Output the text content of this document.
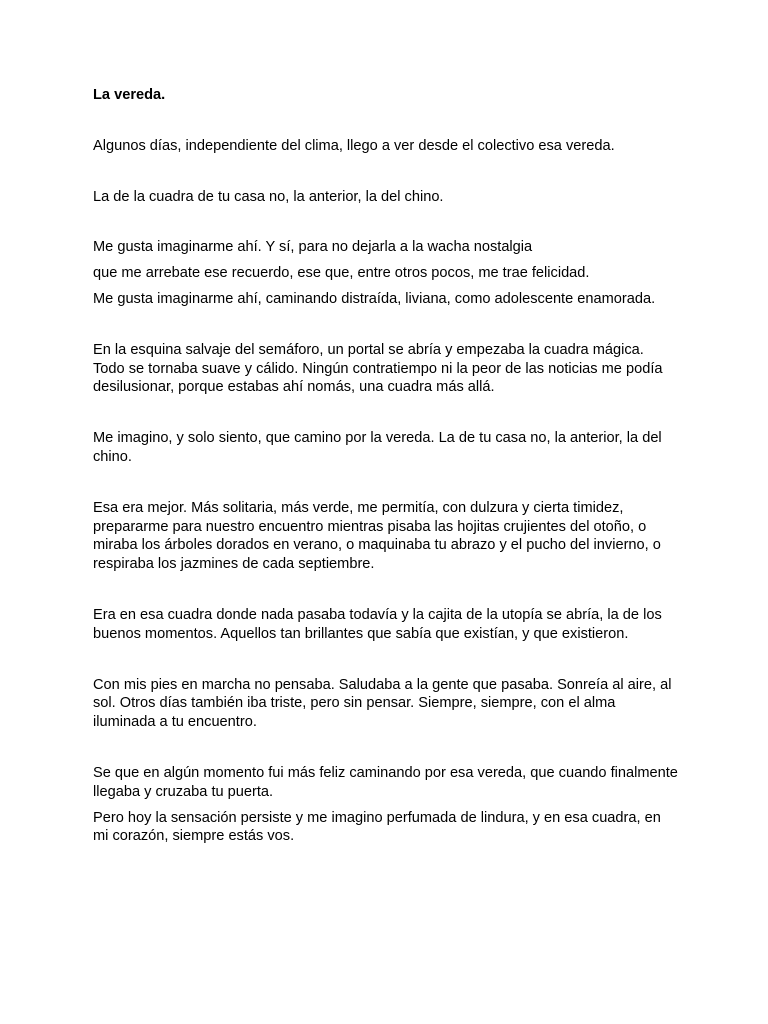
La vereda.

Algunos días, independiente del clima, llego a ver desde el colectivo esa vereda.

La de la cuadra de tu casa no, la anterior, la del chino.

Me gusta imaginarme ahí. Y sí, para no dejarla a la wacha nostalgia

que me arrebate ese recuerdo, ese que, entre otros pocos, me trae felicidad.

Me gusta imaginarme ahí, caminando distraída, liviana, como adolescente enamorada.

En la esquina salvaje del semáforo, un portal se abría y empezaba la cuadra mágica. Todo se tornaba suave y cálido. Ningún contratiempo ni la peor de las noticias me podía desilusionar, porque estabas ahí nomás, una cuadra más allá.

Me imagino, y solo siento, que camino por la vereda. La de tu casa no, la anterior, la del chino.

Esa era mejor. Más solitaria, más verde, me permitía, con dulzura y cierta timidez, prepararme para nuestro encuentro mientras pisaba las hojitas crujientes del otoño, o miraba los árboles dorados en verano, o maquinaba tu abrazo y el pucho del invierno, o respiraba los jazmines de cada septiembre.

Era en esa cuadra donde nada pasaba todavía y la cajita de la utopía se abría, la de los buenos momentos. Aquellos tan brillantes que sabía que existían, y que existieron.

Con mis pies en marcha no pensaba. Saludaba a la gente que pasaba. Sonreía al aire, al sol. Otros días también iba triste, pero sin pensar. Siempre, siempre, con el alma iluminada a tu encuentro.

Se que en algún momento fui más feliz caminando por esa vereda, que cuando finalmente llegaba y cruzaba tu puerta.

Pero hoy la sensación persiste y me imagino perfumada de lindura, y en esa cuadra, en mi corazón, siempre estás vos.
